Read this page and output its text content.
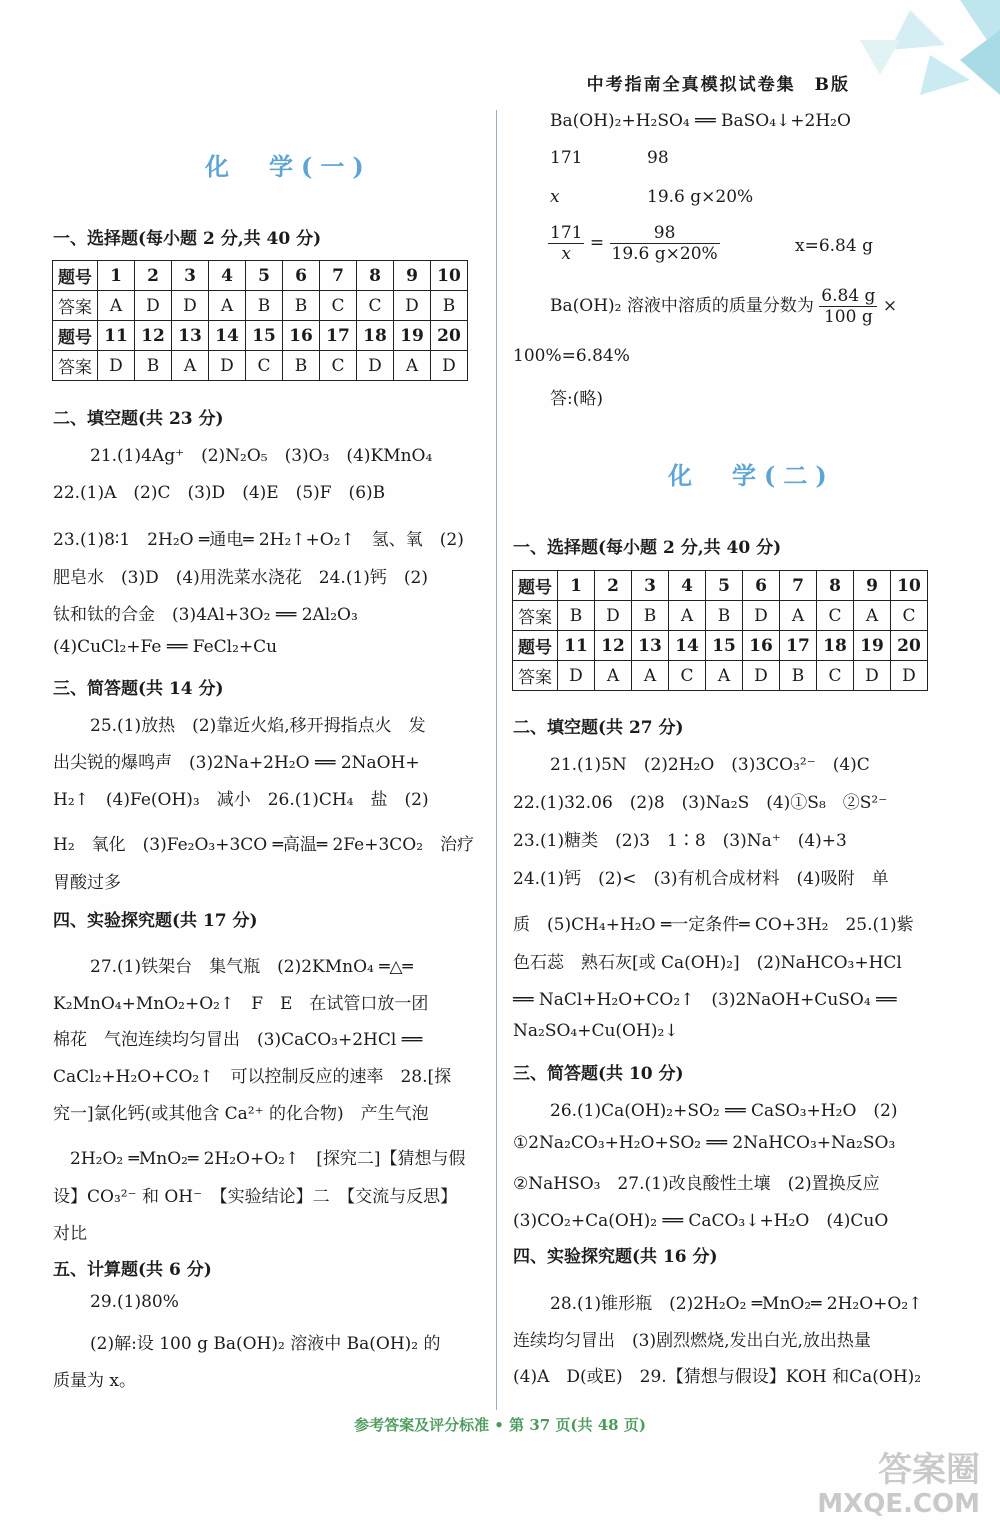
中考指南全真模拟试卷集　B版
化　学(一)
一、选择题(每小题 2 分,共 40 分)
题号	1	2	3	4	5	6	7	8	9	10
答案	A	D	D	A	B	B	C	C	D	B
题号	11	12	13	14	15	16	17	18	19	20
答案	D	B	A	D	C	B	C	D	A	D
二、填空题(共 23 分)
21.(1)4Ag⁺　(2)N₂O₅　(3)O₃　(4)KMnO₄
22.(1)A　(2)C　(3)D　(4)E　(5)F　(6)B
23.(1)8∶1　2H₂O ═通电═ 2H₂↑+O₂↑　氢、氧　(2)
肥皂水　(3)D　(4)用洗菜水浇花　24.(1)钙　(2)
钛和钛的合金　(3)4Al+3O₂ ══ 2Al₂O₃
(4)CuCl₂+Fe ══ FeCl₂+Cu
三、简答题(共 14 分)
25.(1)放热　(2)靠近火焰,移开拇指点火　发
出尖锐的爆鸣声　(3)2Na+2H₂O ══ 2NaOH+
H₂↑　(4)Fe(OH)₃　减小　26.(1)CH₄　盐　(2)
H₂　氧化　(3)Fe₂O₃+3CO ═高温═ 2Fe+3CO₂　治疗
胃酸过多
四、实验探究题(共 17 分)
27.(1)铁架台　集气瓶　(2)2KMnO₄ ═△═
K₂MnO₄+MnO₂+O₂↑　F　E　在试管口放一团
棉花　气泡连续均匀冒出　(3)CaCO₃+2HCl ══
CaCl₂+H₂O+CO₂↑　可以控制反应的速率　28.[探
究一]氯化钙(或其他含 Ca²⁺ 的化合物)　产生气泡
2H₂O₂ ═MnO₂═ 2H₂O+O₂↑　[探究二]【猜想与假
设】CO₃²⁻ 和 OH⁻　【实验结论】二　【交流与反思】
对比
五、计算题(共 6 分)
29.(1)80%
(2)解:设 100 g Ba(OH)₂ 溶液中 Ba(OH)₂ 的
质量为 x。
Ba(OH)₂+H₂SO₄ ══ BaSO₄↓+2H₂O
171	98
x	19.6 g×20%
$\frac{171}{x} = \frac{98}{19.6 g\times 20\%}$	x=6.84 g
Ba(OH)₂ 溶液中溶质的质量分数为 $\frac{6.84 g}{100 g}$ ×
100%=6.84%
答:(略)
化　学(二)
一、选择题(每小题 2 分,共 40 分)
题号	1	2	3	4	5	6	7	8	9	10
答案	B	D	B	A	B	D	A	C	A	C
题号	11	12	13	14	15	16	17	18	19	20
答案	D	A	A	C	A	D	B	C	D	D
二、填空题(共 27 分)
21.(1)5N　(2)2H₂O　(3)3CO₃²⁻　(4)C
22.(1)32.06　(2)8　(3)Na₂S　(4)①S₈　②S²⁻
23.(1)糖类　(2)3　1∶8　(3)Na⁺　(4)+3
24.(1)钙　(2)<　(3)有机合成材料　(4)吸附　单
质　(5)CH₄+H₂O ═一定条件═ CO+3H₂　25.(1)紫
色石蕊　熟石灰[或 Ca(OH)₂]　(2)NaHCO₃+HCl
══ NaCl+H₂O+CO₂↑　(3)2NaOH+CuSO₄ ══
Na₂SO₄+Cu(OH)₂↓
三、简答题(共 10 分)
26.(1)Ca(OH)₂+SO₂ ══ CaSO₃+H₂O　(2)
①2Na₂CO₃+H₂O+SO₂ ══ 2NaHCO₃+Na₂SO₃
②NaHSO₃　27.(1)改良酸性土壤　(2)置换反应
(3)CO₂+Ca(OH)₂ ══ CaCO₃↓+H₂O　(4)CuO
四、实验探究题(共 16 分)
28.(1)锥形瓶　(2)2H₂O₂ ═MnO₂═ 2H₂O+O₂↑
连续均匀冒出　(3)剧烈燃烧,发出白光,放出热量
(4)A　D(或E)　29.【猜想与假设】KOH 和Ca(OH)₂
参考答案及评分标准 • 第 37 页(共 48 页)
答案圈
MXQE.COM
